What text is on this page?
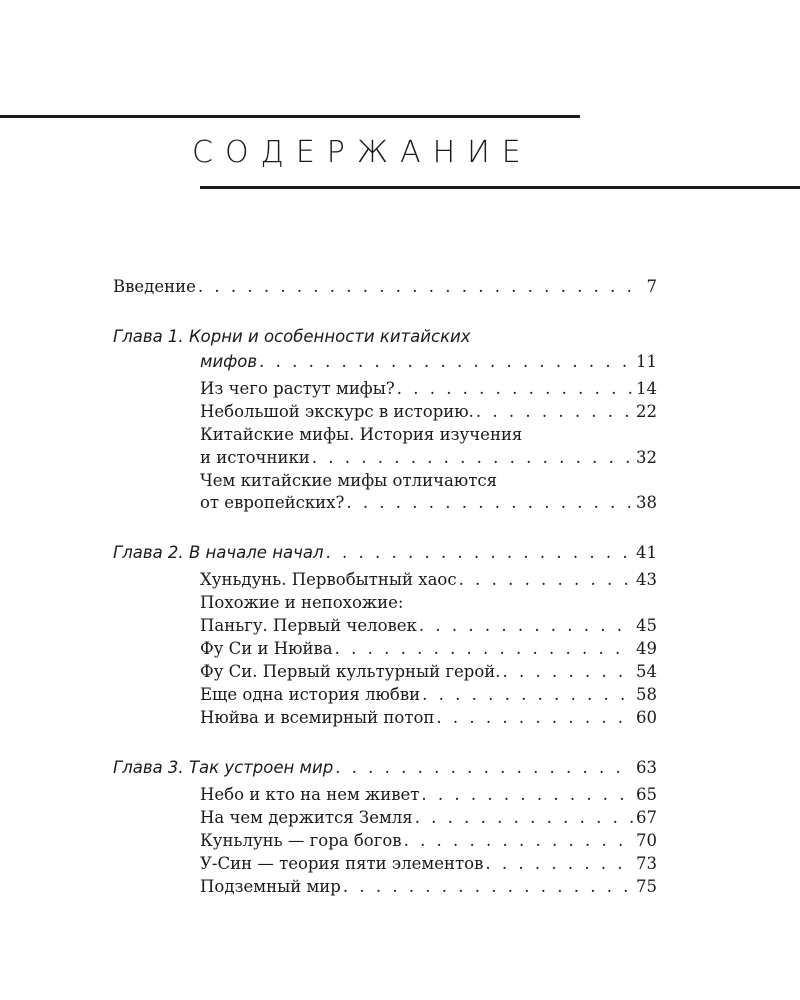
СОДЕРЖАНИЕ
Введение . . .	7
Глава 1. Корни и особенности китайских
мифов . . .	11
Из чего растут мифы? . . .	14
Небольшой экскурс в историю. . . .	22
Китайские мифы. История изучения
и источники . . .	32
Чем китайские мифы отличаются
от европейских? . . .	38
Глава 2. В начале начал . . .	41
Хуньдунь. Первобытный хаос . . .	43
Похожие и непохожие:
Паньгу. Первый человек . . .	45
Фу Си и Нюйва . . .	49
Фу Си. Первый культурный герой. . . .	54
Еще одна история любви . . .	58
Нюйва и всемирный потоп . . .	60
Глава 3. Так устроен мир . . .	63
Небо и кто на нем живет . . .	65
На чем держится Земля . . .	67
Куньлунь — гора богов . . .	70
У-Син — теория пяти элементов . . .	73
Подземный мир . . .	75
